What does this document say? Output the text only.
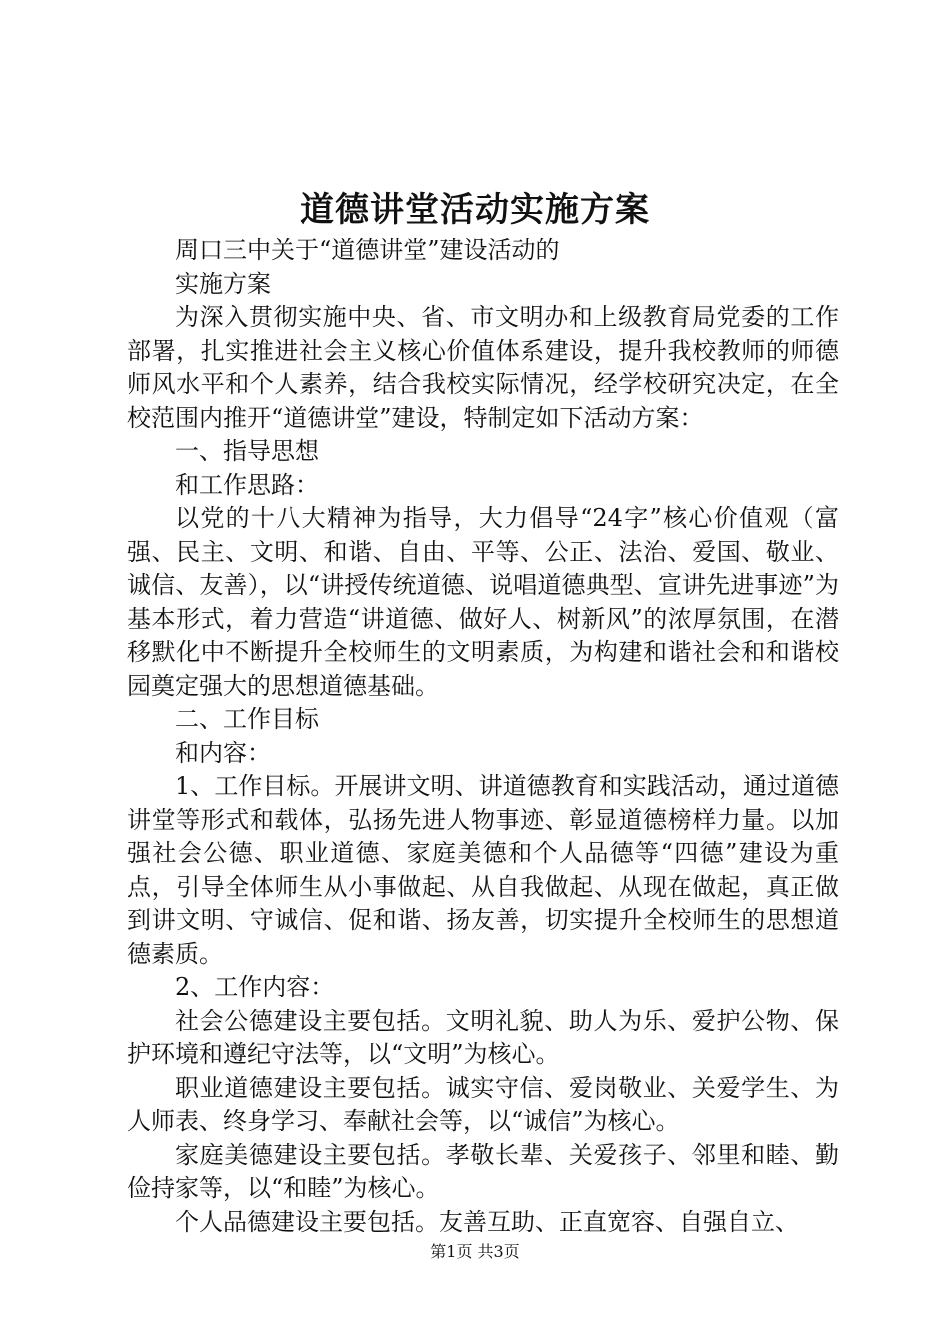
道德讲堂活动实施方案

周口三中关于“道德讲堂”建设活动的

实施方案

为深入贯彻实施中央、省、市文明办和上级教育局党委的工作部署，扎实推进社会主义核心价值体系建设，提升我校教师的师德师风水平和个人素养，结合我校实际情况，经学校研究决定，在全校范围内推开“道德讲堂”建设，特制定如下活动方案：

一、指导思想

和工作思路：

以党的十八大精神为指导，大力倡导“24字”核心价值观（富强、民主、文明、和谐、自由、平等、公正、法治、爱国、敬业、诚信、友善），以“讲授传统道德、说唱道德典型、宣讲先进事迹”为基本形式，着力营造“讲道德、做好人、树新风”的浓厚氛围，在潜移默化中不断提升全校师生的文明素质，为构建和谐社会和和谐校园奠定强大的思想道德基础。

二、工作目标

和内容：

1、工作目标。开展讲文明、讲道德教育和实践活动，通过道德讲堂等形式和载体，弘扬先进人物事迹、彰显道德榜样力量。以加强社会公德、职业道德、家庭美德和个人品德等“四德”建设为重点，引导全体师生从小事做起、从自我做起、从现在做起，真正做到讲文明、守诚信、促和谐、扬友善，切实提升全校师生的思想道德素质。

2、工作内容：

社会公德建设主要包括。文明礼貌、助人为乐、爱护公物、保护环境和遵纪守法等，以“文明”为核心。

职业道德建设主要包括。诚实守信、爱岗敬业、关爱学生、为人师表、终身学习、奉献社会等，以“诚信”为核心。

家庭美德建设主要包括。孝敬长辈、关爱孩子、邻里和睦、勤俭持家等，以“和睦”为核心。

个人品德建设主要包括。友善互助、正直宽容、自强自立、

第1页 共3页
